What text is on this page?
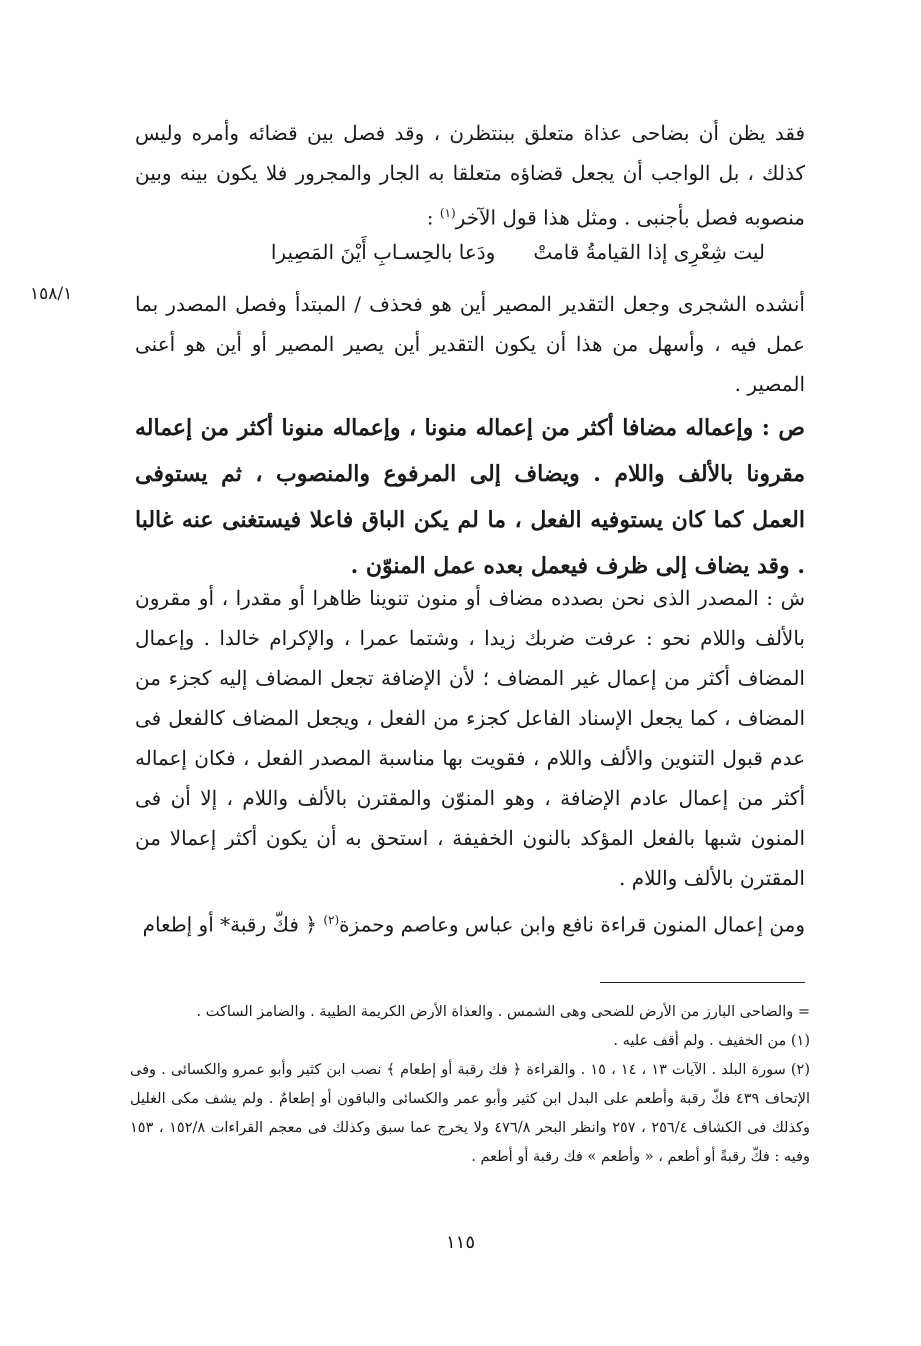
فقد يظن أن بضاحى عذاة متعلق ببنتظرن ، وقد فصل بين قضائه وأمره وليس كذلك ، بل الواجب أن يجعل قضاؤه متعلقا به الجار والمجرور فلا يكون بينه وبين منصوبه فصل بأجنبى . ومثل هذا قول الآخر$^{(١)}$ :
ليت شِعْرِى إذا القيامةُ قامتْ
ودَعا بالحِسـابِ أَيْنَ المَصِيرا
١٥٨/١	أنشده الشجرى وجعل التقدير المصير أين هو فحذف / المبتدأ وفصل المصدر بما عمل فيه ، وأسهل من هذا أن يكون التقدير أين يصير المصير أو أين هو أعنى المصير .
ص : وإعماله مضافا أكثر من إعماله منونا ، وإعماله منونا أكثر من إعماله مقرونا بالألف واللام . ويضاف إلى المرفوع والمنصوب ، ثم يستوفى العمل كما كان يستوفيه الفعل ، ما لم يكن الباق فاعلا فيستغنى عنه غالبا . وقد يضاف إلى ظرف فيعمل بعده عمل المنوّن .
ش : المصدر الذى نحن بصدده مضاف أو منون تنوينا ظاهرا أو مقدرا ، أو مقرون بالألف واللام نحو : عرفت ضربك زيدا ، وشتما عمرا ، والإكرام خالدا . وإعمال المضاف أكثر من إعمال غير المضاف ؛ لأن الإضافة تجعل المضاف إليه كجزء من المضاف ، كما يجعل الإسناد الفاعل كجزء من الفعل ، ويجعل المضاف كالفعل فى عدم قبول التنوين والألف واللام ، فقويت بها مناسبة المصدر الفعل ، فكان إعماله أكثر من إعمال عادم الإضافة ، وهو المنوّن والمقترن بالألف واللام ، إلا أن فى المنون شبها بالفعل المؤكد بالنون الخفيفة ، استحق به أن يكون أكثر إعمالا من المقترن بالألف واللام .
ومن إعمال المنون قراءة نافع وابن عباس وعاصم وحمزة$^{(٢)}$ ﴿ فكّ رقبة* أو إطعام

= والضاحى البارز من الأرض للضحى وهى الشمس . والعذاة الأرض الكريمة الطيبة . والضامز الساكت .

(١) من الخفيف . ولم أقف عليه .

(٢) سورة البلد . الآيات ١٣ ، ١٤ ، ١٥ . والقراءة ﴿ فك رقبة أو إطعام ﴾ نصب ابن كثير وأبو عمرو والكسائى . وفى الإتحاف ٤٣٩ فكّ رقبة وأطعم على البدل ابن كثير وأبو عمر والكسائى والباقون أو إطعامٌ . ولم يشف مكى الغليل وكذلك فى الكشاف ٢٥٦/٤ ، ٢٥٧ وانظر البحر ٤٧٦/٨ ولا يخرج عما سبق وكذلك فى معجم القراءات ١٥٢/٨ ، ١٥٣ وفيه : فكّ رقبةً أو أطعم ، « وأطعم » فك رقبة أو أطعم .

١١٥
